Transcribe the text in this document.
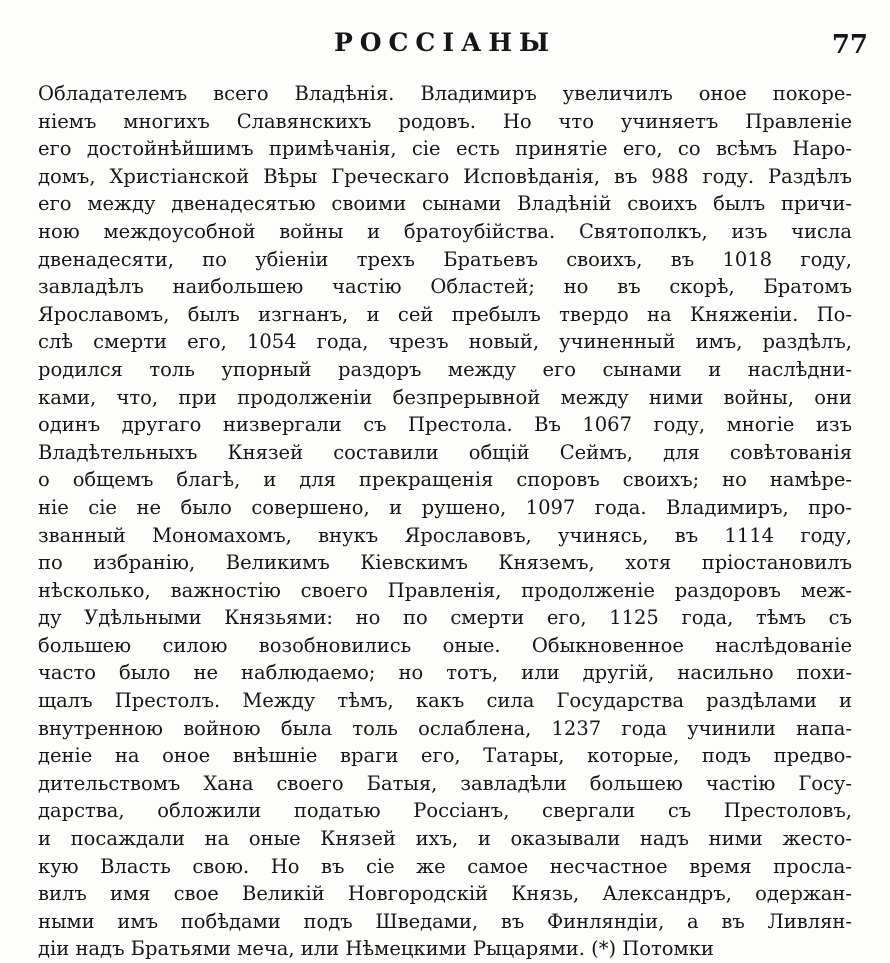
РОССІАНЫ	77
Обладателемъ всего Владѣнія. Владимиръ увеличилъ оное покоре-
ніемъ многихъ Славянскихъ родовъ. Но что учиняетъ Правленіе
его достойнѣйшимъ примѣчанія, сіе есть принятіе его, со всѣмъ Наро-
домъ, Христіанской Вѣры Греческаго Исповѣданія, въ 988 году. Раздѣлъ
его между двенадесятью своими сынами Владѣній своихъ былъ причи-
ною междоусобной войны и братоубійства. Святополкъ, изъ числа
двенадесяти, по убіеніи трехъ Братьевъ своихъ, въ 1018 году,
завладѣлъ наибольшею частію Областей; но въ скорѣ, Братомъ
Ярославомъ, былъ изгнанъ, и сей пребылъ твердо на Княженіи. По-
слѣ смерти его, 1054 года, чрезъ новый, учиненный имъ, раздѣлъ,
родился толь упорный раздоръ между его сынами и наслѣдни-
ками, что, при продолженіи безпрерывной между ними войны, они
одинъ другаго низвергали съ Престола. Въ 1067 году, многіе изъ
Владѣтельныхъ Князей составили общій Сеймъ, для совѣтованія
о общемъ благѣ, и для прекращенія споровъ своихъ; но намѣре-
ніе сіе не было совершено, и рушено, 1097 года. Владимиръ, про-
званный Мономахомъ, внукъ Ярославовъ, учинясь, въ 1114 году,
по избранію, Великимъ Кіевскимъ Княземъ, хотя пріостановилъ
нѣсколько, важностію своего Правленія, продолженіе раздоровъ меж-
ду Удѣльными Князьями: но по смерти его, 1125 года, тѣмъ съ
большею силою возобновились оные. Обыкновенное наслѣдованіе
часто было не наблюдаемо; но тотъ, или другій, насильно похи-
щалъ Престолъ. Между тѣмъ, какъ сила Государства раздѣлами и
внутренною войною была толь ослаблена, 1237 года учинили напа-
деніе на оное внѣшніе враги его, Татары, которые, подъ предво-
дительствомъ Хана своего Батыя, завладѣли большею частію Госу-
дарства, обложили податью Россіанъ, свергали съ Престоловъ,
и посаждали на оные Князей ихъ, и оказывали надъ ними жесто-
кую Власть свою. Но въ сіе же самое несчастное время просла-
вилъ имя свое Великій Новгородскій Князь, Александръ, одержан-
ными имъ побѣдами подъ Шведами, въ Финляндіи, а въ Ливлян-
діи надъ Братьями меча, или Нѣмецкими Рыцарями. (*) Потомки
